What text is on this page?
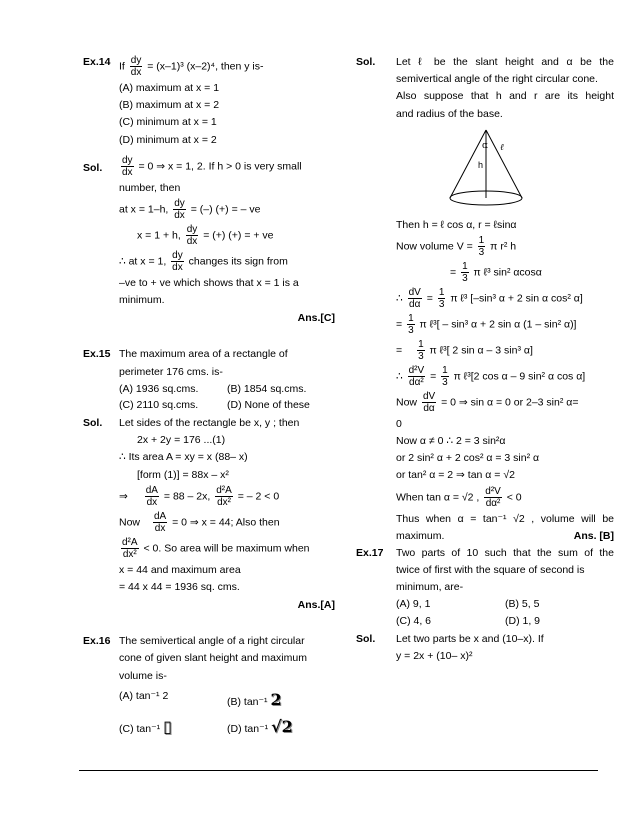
Ex.14 If $\frac{dy}{dx} = (x-1)^3$ (x–2)⁴, then y is-
(A) maximum at x = 1
(B) maximum at x = 2
(C) minimum at x = 1
(D) minimum at x = 2
Sol. $\frac{dy}{dx} = 0$ ⇒ x = 1, 2. If h > 0 is very small
number, then
at x = 1–h, $\frac{dy}{dx}$ = (–) (+) = – ve
x = 1 + h, $\frac{dy}{dx}$ = (+) (+) = + ve
∴ at x = 1, $\frac{dy}{dx}$ changes its sign from
–ve to + ve which shows that x = 1 is a
minimum.
Ans.[C]
Ex.15 The maximum area of a rectangle of
perimeter 176 cms. is-
(A) 1936 sq.cms.	(B) 1854 sq.cms.
(C) 2110 sq.cms.	(D) None of these
Sol. Let sides of the rectangle be x, y ; then
2x + 2y = 176 ...(1)
∴ Its area A = xy = x (88– x)
[form (1)] = 88x – x²
⇒ $\frac{dA}{dx} = 88 - 2x$, $\frac{\text{d²A}}{\text{dx²}}$ = – 2 < 0
Now $\frac{dA}{dx} = 0$ ⇒ x = 44; Also then
$\frac{\text{d²A}}{\text{dx²}} < 0$. So area will be maximum when
x = 44 and maximum area
= 44 x 44 = 1936 sq. cms.
Ans.[A]
Ex.16 The semivertical angle of a right circular
cone of given slant height and maximum
volume is-
(A) tan⁻¹ 2	(B) tan⁻¹ 2
(C) tan⁻¹ ▯	(D) tan⁻¹ √2
Sol. Let ℓ be the slant height and α be the
semivertical angle of the right circular cone.
Also suppose that h and r are its height
and radius of the base.
α ℓ
h
Then h = ℓ cos α, r = ℓsinα
Now volume $V = \frac{1}{3}$ π r² h
= $\frac{1}{3}$ π ℓ³ sin² αcosα
∴ $\frac{dV}{d\alpha} = \frac{1}{3}$ π ℓ³ [–sin³ α + 2 sin α cos² α]
= $\frac{1}{3}$ π ℓ³[ – sin³ α + 2 sin α (1 – sin² α)]
= $\frac{1}{3}$ π ℓ³[ 2 sin α – 3 sin³ α]
∴ $\frac{\text{d²V}}{\text{dα²}} = \frac{1}{3}$ π ℓ³[2 cos α – 9 sin² α cos α]
Now $\frac{dV}{d\alpha} = 0$ ⇒ sin α = 0 or 2–3 sin² α=
0
Now α ≠ 0 ∴ 2 = 3 sin²α
or 2 sin² α + 2 cos² α = 3 sin² α
or tan² α = 2 ⇒ tan α = √2
When tan α = √2 , $\frac{\text{d²V}}{\text{dα²}} < 0$
Thus when α = tan⁻¹ √2 , volume will be
maximum.	Ans. [B]
Ex.17 Two parts of 10 such that the sum of the
twice of first with the square of second is
minimum, are-
(A) 9, 1	(B) 5, 5
(C) 4, 6	(D) 1, 9
Sol. Let two parts be x and (10–x). If
y = 2x + (10– x)²
